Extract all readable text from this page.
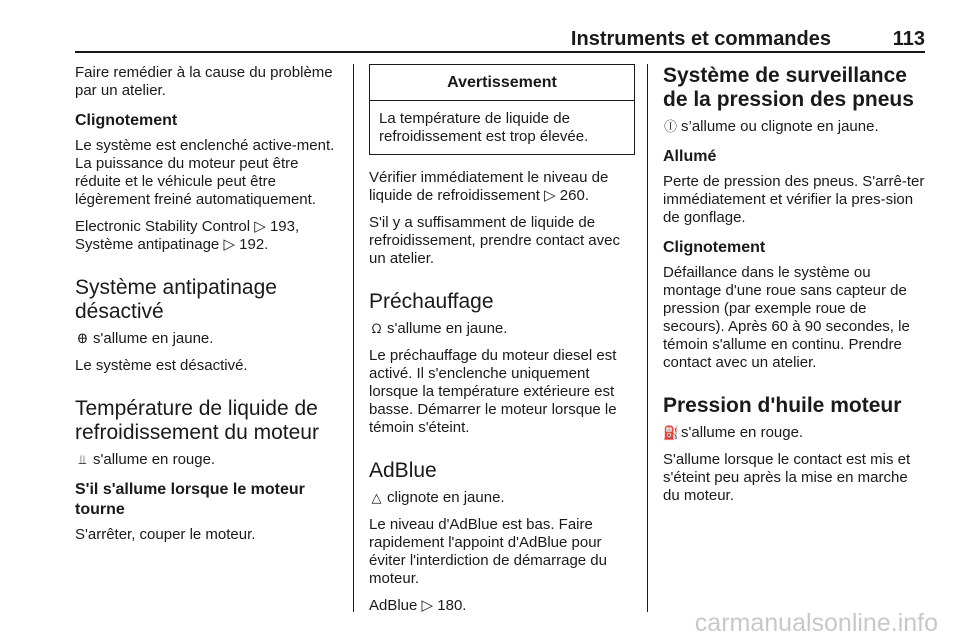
Instruments et commandes	113

Faire remédier à la cause du problème par un atelier.

Clignotement

Le système est enclenché active-ment. La puissance du moteur peut être réduite et le véhicule peut être légèrement freiné automatiquement.

Electronic Stability Control ▷ 193,
Système antipatinage ▷ 192.

Système antipatinage désactivé

Ꚛ s'allume en jaune.

Le système est désactivé.

Température de liquide de refroidissement du moteur

⫫ s'allume en rouge.

S'il s'allume lorsque le moteur tourne

S'arrêter, couper le moteur.

Avertissement
La température de liquide de refroidissement est trop élevée.

Vérifier immédiatement le niveau de liquide de refroidissement ▷ 260.

S'il y a suffisamment de liquide de refroidissement, prendre contact avec un atelier.

Préchauffage

ᘯ s'allume en jaune.

Le préchauffage du moteur diesel est activé. Il s'enclenche uniquement lorsque la température extérieure est basse. Démarrer le moteur lorsque le témoin s'éteint.

AdBlue

△ clignote en jaune.

Le niveau d'AdBlue est bas. Faire rapidement l'appoint d'AdBlue pour éviter l'interdiction de démarrage du moteur.

AdBlue ▷ 180.

Système de surveillance de la pression des pneus

Ⓘ s’allume ou clignote en jaune.

Allumé

Perte de pression des pneus. S'arrê-ter immédiatement et vérifier la pres-sion de gonflage.

Clignotement

Défaillance dans le système ou montage d'une roue sans capteur de pression (par exemple roue de secours). Après 60 à 90 secondes, le témoin s'allume en continu. Prendre contact avec un atelier.

Pression d'huile moteur

⛽ s'allume en rouge.

S'allume lorsque le contact est mis et s'éteint peu après la mise en marche du moteur.

carmanualsonline.info
